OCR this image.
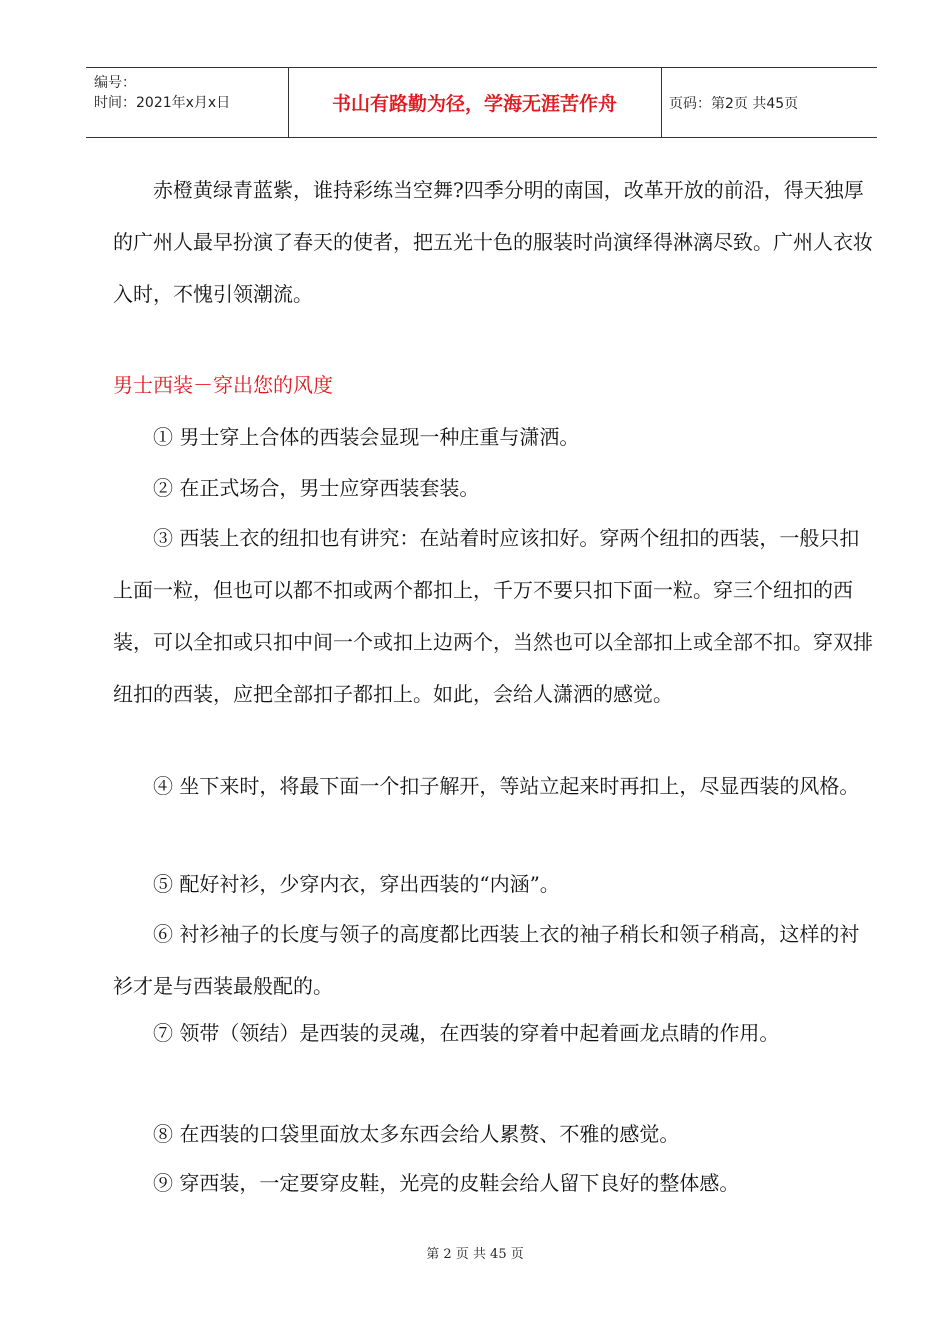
编号：
时间：2021年x月x日	书山有路勤为径，学海无涯苦作舟	页码：第2页 共45页

赤橙黄绿青蓝紫，谁持彩练当空舞?四季分明的南国，改革开放的前沿，得天独厚的广州人最早扮演了春天的使者，把五光十色的服装时尚演绎得淋漓尽致。广州人衣妆入时，不愧引领潮流。

男士西装－穿出您的风度

① 男士穿上合体的西装会显现一种庄重与潇洒。

② 在正式场合，男士应穿西装套装。

③ 西装上衣的纽扣也有讲究：在站着时应该扣好。穿两个纽扣的西装，一般只扣上面一粒，但也可以都不扣或两个都扣上，千万不要只扣下面一粒。穿三个纽扣的西装，可以全扣或只扣中间一个或扣上边两个，当然也可以全部扣上或全部不扣。穿双排纽扣的西装，应把全部扣子都扣上。如此，会给人潇洒的感觉。

④ 坐下来时，将最下面一个扣子解开，等站立起来时再扣上，尽显西装的风格。

⑤ 配好衬衫，少穿内衣，穿出西装的“内涵”。

⑥ 衬衫袖子的长度与领子的高度都比西装上衣的袖子稍长和领子稍高，这样的衬衫才是与西装最般配的。

⑦ 领带（领结）是西装的灵魂，在西装的穿着中起着画龙点睛的作用。

⑧ 在西装的口袋里面放太多东西会给人累赘、不雅的感觉。

⑨ 穿西装，一定要穿皮鞋，光亮的皮鞋会给人留下良好的整体感。

第 2 页 共 45 页
